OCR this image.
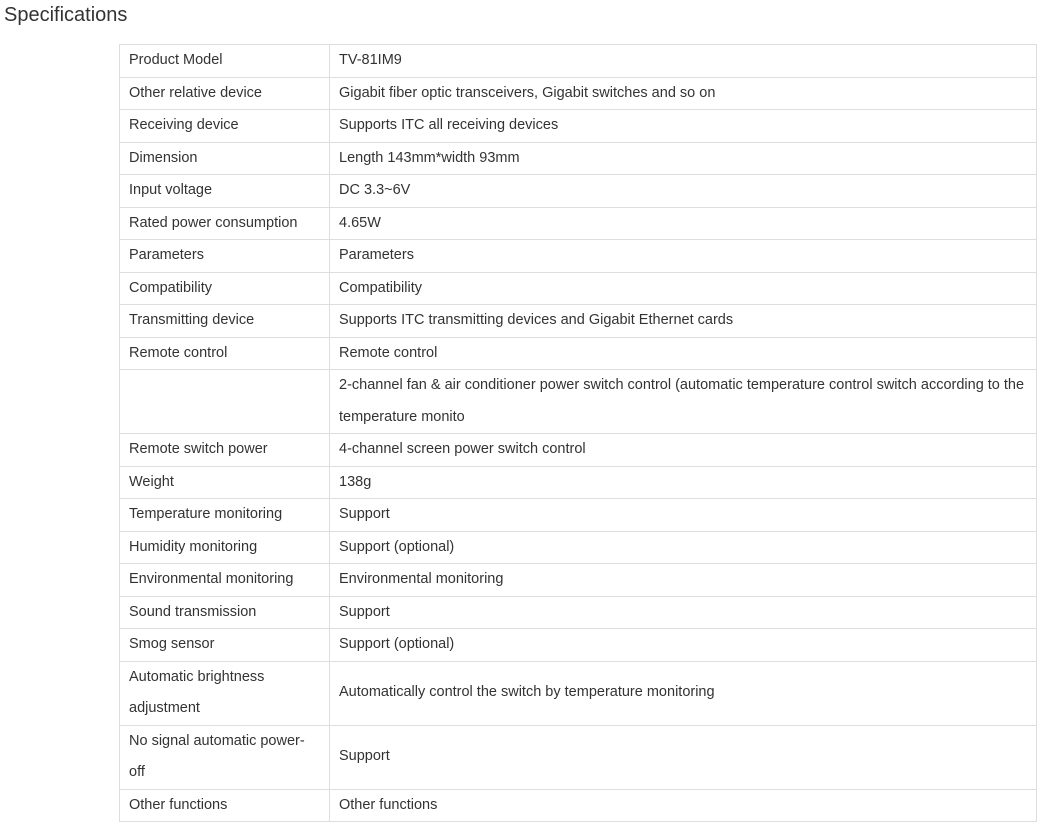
Specifications
Product Model	TV-81IM9
Other relative device	Gigabit fiber optic transceivers, Gigabit switches and so on
Receiving device	Supports ITC all receiving devices
Dimension	Length 143mm*width 93mm
Input voltage	DC 3.3~6V
Rated power consumption	4.65W
Parameters	Parameters
Compatibility	Compatibility
Transmitting device	Supports ITC transmitting devices and Gigabit Ethernet cards
Remote control	Remote control
	2-channel fan & air conditioner power switch control (automatic temperature control switch according to the temperature monito
Remote switch power	4-channel screen power switch control
Weight	138g
Temperature monitoring	Support
Humidity monitoring	Support (optional)
Environmental monitoring	Environmental monitoring
Sound transmission	Support
Smog sensor	Support (optional)
Automatic brightness adjustment	Automatically control the switch by temperature monitoring
No signal automatic power-off	Support
Other functions	Other functions
